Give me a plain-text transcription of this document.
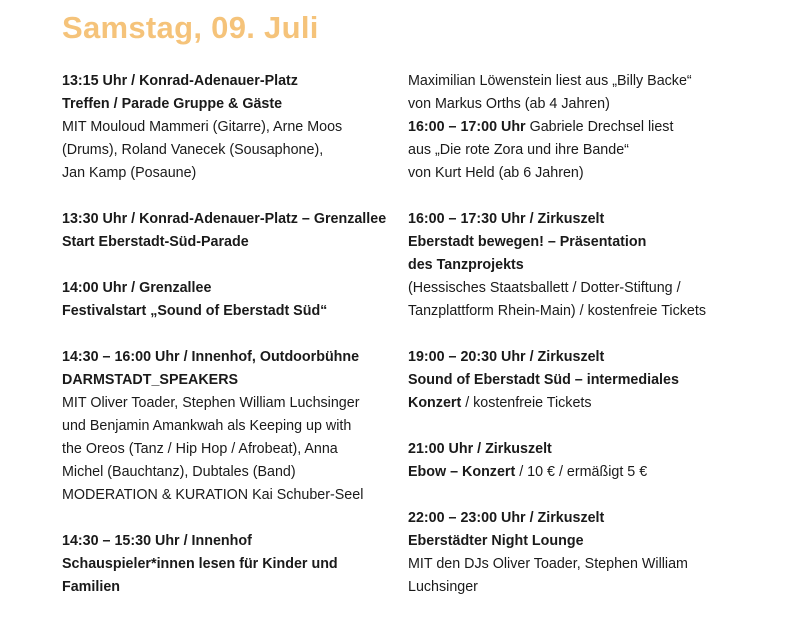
Samstag, 09. Juli
13:15 Uhr / Konrad-Adenauer-Platz
Treffen / Parade Gruppe & Gäste
MIT Mouloud Mammeri (Gitarre), Arne Moos
(Drums), Roland Vanecek (Sousaphone),
Jan Kamp (Posaune)
13:30 Uhr / Konrad-Adenauer-Platz – Grenzallee
Start Eberstadt-Süd-Parade
14:00 Uhr / Grenzallee
Festivalstart „Sound of Eberstadt Süd“
14:30 – 16:00 Uhr / Innenhof, Outdoorbühne
DARMSTADT_SPEAKERS
MIT Oliver Toader, Stephen William Luchsinger
und Benjamin Amankwah als Keeping up with
the Oreos (Tanz / Hip Hop / Afrobeat), Anna
Michel (Bauchtanz), Dubtales (Band)
MODERATION & KURATION Kai Schuber-Seel
14:30 – 15:30 Uhr / Innenhof
Schauspieler*innen lesen für Kinder und
Familien
Maximilian Löwenstein liest aus „Billy Backe“
von Markus Orths (ab 4 Jahren)
16:00 – 17:00 Uhr Gabriele Drechsel liest
aus „Die rote Zora und ihre Bande“
von Kurt Held (ab 6 Jahren)
16:00 – 17:30 Uhr / Zirkuszelt
Eberstadt bewegen! – Präsentation
des Tanzprojekts
(Hessisches Staatsballett / Dotter-Stiftung /
Tanzplattform Rhein-Main) / kostenfreie Tickets
19:00 – 20:30 Uhr / Zirkuszelt
Sound of Eberstadt Süd – intermediales
Konzert / kostenfreie Tickets
21:00 Uhr / Zirkuszelt
Ebow – Konzert / 10 € / ermäßigt 5 €
22:00 – 23:00 Uhr / Zirkuszelt
Eberstädter Night Lounge
MIT den DJs Oliver Toader, Stephen William
Luchsinger
